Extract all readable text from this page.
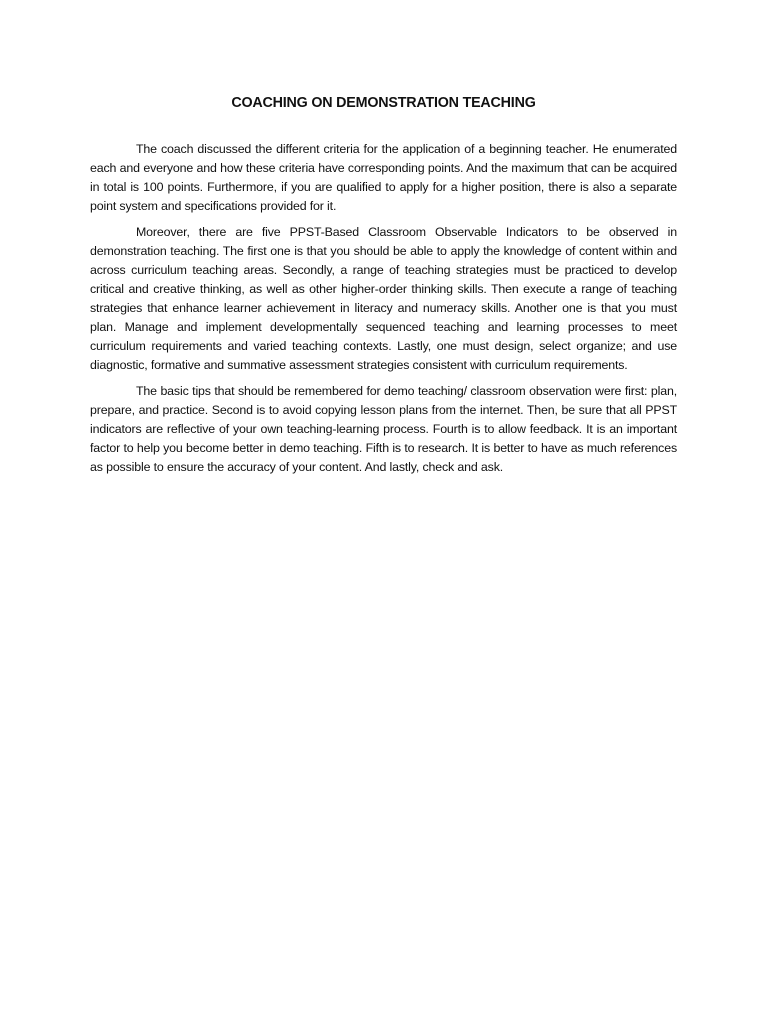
COACHING ON DEMONSTRATION TEACHING

The coach discussed the different criteria for the application of a beginning teacher. He enumerated each and everyone and how these criteria have corresponding points. And the maximum that can be acquired in total is 100 points. Furthermore, if you are qualified to apply for a higher position, there is also a separate point system and specifications provided for it.

Moreover, there are five PPST-Based Classroom Observable Indicators to be observed in demonstration teaching. The first one is that you should be able to apply the knowledge of content within and across curriculum teaching areas. Secondly, a range of teaching strategies must be practiced to develop critical and creative thinking, as well as other higher-order thinking skills. Then execute a range of teaching strategies that enhance learner achievement in literacy and numeracy skills. Another one is that you must plan. Manage and implement developmentally sequenced teaching and learning processes to meet curriculum requirements and varied teaching contexts. Lastly, one must design, select organize; and use diagnostic, formative and summative assessment strategies consistent with curriculum requirements.

The basic tips that should be remembered for demo teaching/ classroom observation were first: plan, prepare, and practice. Second is to avoid copying lesson plans from the internet. Then, be sure that all PPST indicators are reflective of your own teaching-learning process. Fourth is to allow feedback. It is an important factor to help you become better in demo teaching. Fifth is to research. It is better to have as much references as possible to ensure the accuracy of your content. And lastly, check and ask.
